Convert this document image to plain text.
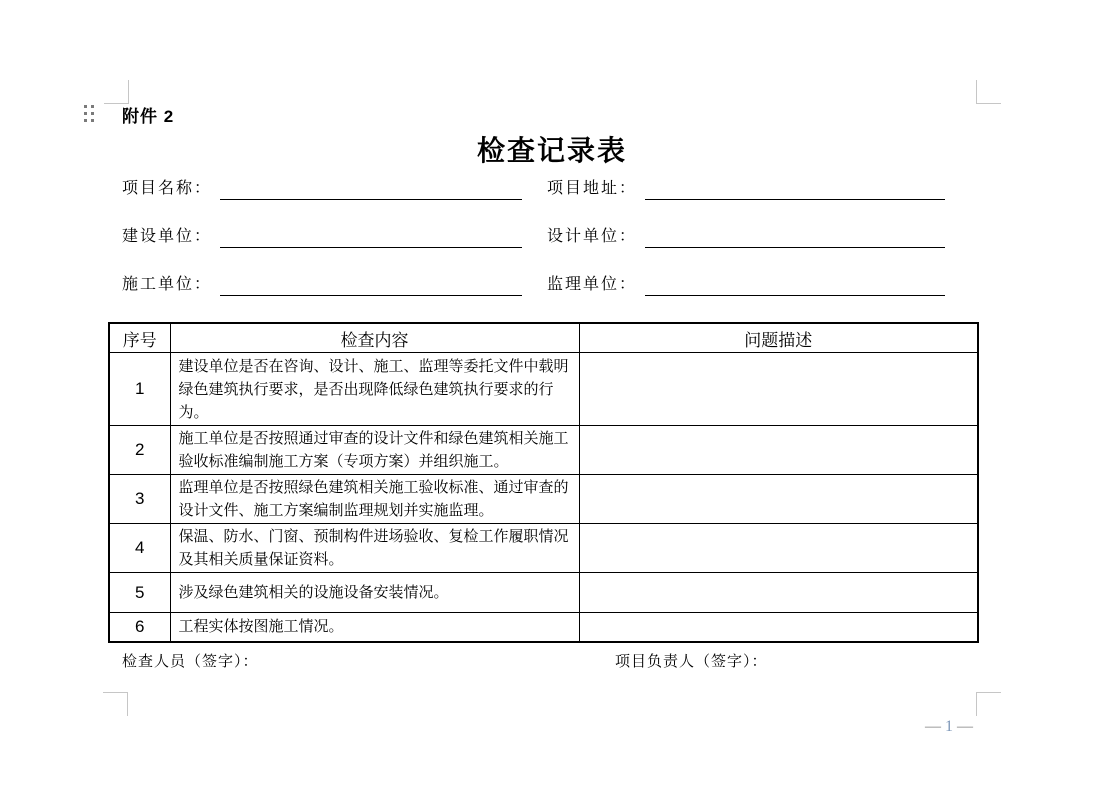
附件 2
检查记录表
项目名称：
建设单位：
施工单位：
项目地址：
设计单位：
监理单位：
序号	检查内容	问题描述
1	建设单位是否在咨询、设计、施工、监理等委托文件中载明绿色建筑执行要求，是否出现降低绿色建筑执行要求的行为。	
2	施工单位是否按照通过审查的设计文件和绿色建筑相关施工验收标准编制施工方案（专项方案）并组织施工。	
3	监理单位是否按照绿色建筑相关施工验收标准、通过审查的设计文件、施工方案编制监理规划并实施监理。	
4	保温、防水、门窗、预制构件进场验收、复检工作履职情况及其相关质量保证资料。	
5	涉及绿色建筑相关的设施设备安装情况。	
6	工程实体按图施工情况。	
检查人员（签字）：	项目负责人（签字）：
— 1 —
